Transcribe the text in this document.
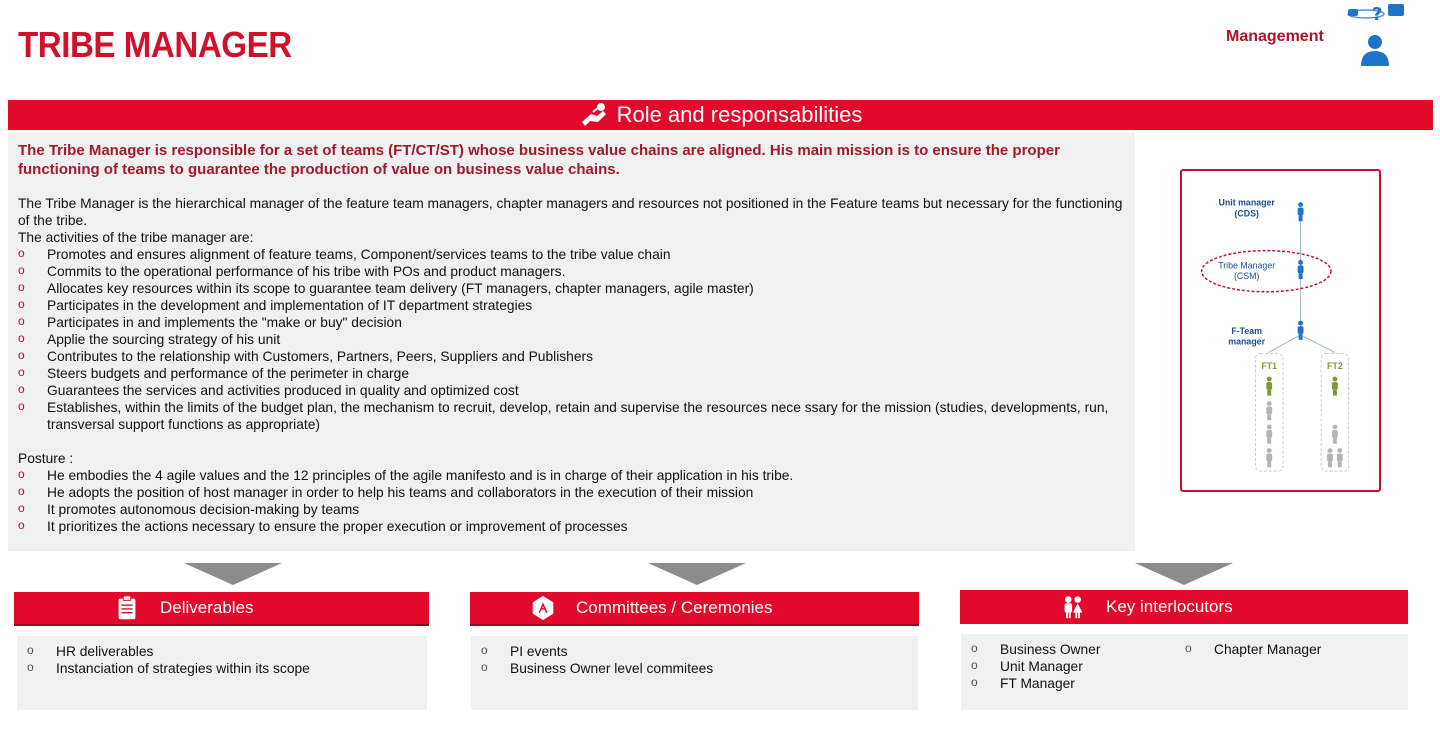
TRIBE MANAGER	Management
?
Role and responsabilities

The Tribe Manager is responsible for a set of teams (FT/CT/ST) whose business value chains are aligned. His main mission is to ensure the proper functioning of teams to guarantee the production of value on business value chains.

The Tribe Manager is the hierarchical manager of the feature team managers, chapter managers and resources not positioned in the Feature teams but necessary for the functioning of the tribe.

The activities of the tribe manager are:

o Promotes and ensures alignment of feature teams, Component/services teams to the tribe value chain
o Commits to the operational performance of his tribe with POs and product managers.
o Allocates key resources within its scope to guarantee team delivery (FT managers, chapter managers, agile master)
o Participates in the development and implementation of IT department strategies
o Participates in and implements the "make or buy" decision
o Applie the sourcing strategy of his unit
o Contributes to the relationship with Customers, Partners, Peers, Suppliers and Publishers
o Steers budgets and performance of the perimeter in charge
o Guarantees the services and activities produced in quality and optimized cost
o Establishes, within the limits of the budget plan, the mechanism to recruit, develop, retain and supervise the resources nece ssary for the mission (studies, developments, run, transversal support functions as appropriate)

Posture :

o He embodies the 4 agile values and the 12 principles of the agile manifesto and is in charge of their application in his tribe.
o He adopts the position of host manager in order to help his teams and collaborators in the execution of their mission
o It promotes autonomous decision-making by teams
o It prioritizes the actions necessary to ensure the proper execution or improvement of processes
Unit manager
(CDS)
Tribe Manager
(CSM)
F-Team
manager
FT1	FT2
Deliverables
o HR deliverables
o Instanciation of strategies within its scope
Committees / Ceremonies
o PI events
o Business Owner level commitees
Key interlocutors
o Business Owner
o Unit Manager
o FT Manager
o Chapter Manager
